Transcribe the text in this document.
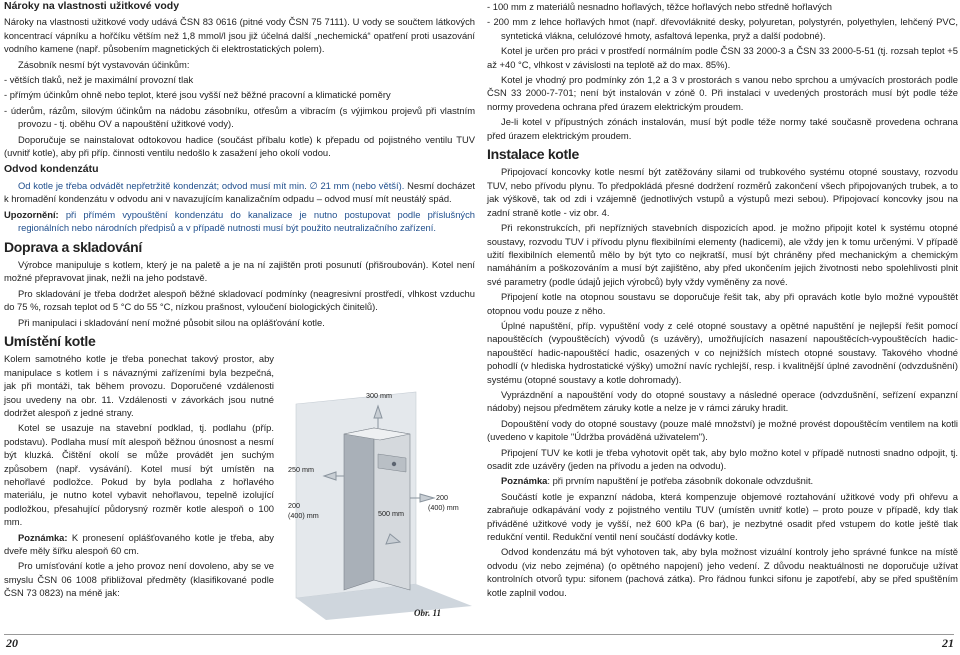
Nároky na vlastnosti užitkové vody

Nároky na vlastnosti užitkové vody udává ČSN 83 0616 (pitné vody ČSN 75 7111). U vody se součtem látkových koncentrací vápníku a hořčíku větším než 1,8 mmol/l jsou již účelná další „nechemická“ opatření proti usazování vodního kamene (např. působením magnetických či elektrostatických polem).

Zásobník nesmí být vystavován účinkům:

- větších tlaků, než je maximální provozní tlak

- přímým účinkům ohně nebo teplot, které jsou vyšší než běžné pracovní a klimatické poměry

- úderům, rázům, silovým účinkům na nádobu zásobníku, otřesům a vibracím (s výjimkou projevů při vlastním provozu - tj. oběhu OV a napouštění užitkové vody).

Doporučuje se nainstalovat odtokovou hadice (součást příbalu kotle) k přepadu od pojistného ventilu TUV (uvnitř kotle), aby při příp. činnosti ventilu nedošlo k zasažení jeho okolí vodou.

Odvod kondenzátu

Od kotle je třeba odvádět nepřetržitě kondenzát; odvod musí mít min. ∅ 21 mm (nebo větší). Nesmí docházet k hromadění kondenzátu v odvodu ani v navazujícím kanalizačním odpadu – odvod musí mít neustálý spád.

Upozornění: při přímém vypouštění kondenzátu do kanalizace je nutno postupovat podle příslušných regionálních nebo národních předpisů a v případě nutnosti musí být použito neutralizačního zařízení.

Doprava a skladování

Výrobce manipuluje s kotlem, který je na paletě a je na ní zajištěn proti posunutí (přišroubován). Kotel není možné přepravovat jinak, nežli na jeho podstavě.

Pro skladování je třeba dodržet alespoň běžné skladovací podmínky (neagresivní prostředí, vlhkost vzduchu do 75 %, rozsah teplot od 5 °C do 55 °C, nízkou prašnost, vyloučení biologických činitelů).

Při manipulaci i skladování není možné působit silou na oplášťování kotle.

Umístění kotle

Kolem samotného kotle je třeba ponechat takový prostor, aby manipulace s kotlem i s návaznými zařízeními byla bezpečná, jak při montáži, tak během provozu. Doporučené vzdálenosti jsou uvedeny na obr. 11. Vzdálenosti v závorkách jsou nutné dodržet alespoň z jedné strany.

Kotel se usazuje na stavební podklad, tj. podlahu (příp. podstavu). Podlaha musí mít alespoň běžnou únosnost a nesmí být kluzká. Čištění okolí se může provádět jen suchým způsobem (např. vysávání). Kotel musí být umístěn na nehořlavé podložce. Pokud by byla podlaha z hořlavého materiálu, je nutno kotel vybavit nehořlavou, tepelně izolující podložkou, přesahující půdorysný rozměr kotle alespoň o 100 mm.

Poznámka: K pronesení oplášťovaného kotle je třeba, aby dveře měly šířku alespoň 60 cm.

Pro umísťování kotle a jeho provoz není dovoleno, aby se ve smyslu ČSN 06 1008 přibližoval předměty (klasifikované podle ČSN 73 0823) na méně jak:

300 mm
250 mm
200
(400) mm
200
(400) mm
500 mm
Obr. 11

- 100 mm z materiálů nesnadno hořlavých, těžce hořlavých nebo středně hořlavých

- 200 mm z lehce hořlavých hmot (např. dřevovláknité desky, polyuretan, polystyrén, polyethylen, lehčený PVC, syntetická vlákna, celulózové hmoty, asfaltová lepenka, pryž a další podobné).

Kotel je určen pro práci v prostředí normálním podle ČSN 33 2000-3 a ČSN 33 2000-5-51 (tj. rozsah teplot +5 až +40 °C, vlhkost v závislosti na teplotě až do max. 85%).

Kotel je vhodný pro podmínky zón 1,2 a 3 v prostorách s vanou nebo sprchou a umývacích prostorách podle ČSN 33 2000-7-701; není být instalován v zóně 0. Při instalaci v uvedených prostorách musí být podle téže normy provedena ochrana před úrazem elektrickým proudem.

Je-li kotel v přípustných zónách instalován, musí být podle téže normy také současně provedena ochrana před úrazem elektrickým proudem.

Instalace kotle

Připojovací koncovky kotle nesmí být zatěžovány silami od trubkového systému otopné soustavy, rozvodu TUV, nebo přívodu plynu. To předpokládá přesné dodržení rozměrů zakončení všech připojovaných trubek, a to jak výškově, tak od zdi i vzájemně (jednotlivých vstupů a výstupů mezi sebou). Připojovací koncovky jsou na zadní straně kotle - viz obr. 4.

Při rekonstrukcích, při nepřízniých stavebních dispozicích apod. je možno připojit kotel k systému otopné soustavy, rozvodu TUV i přívodu plynu flexibilními elementy (hadicemi), ale vždy jen k tomu určenými. V případě užití flexibilních elementů mělo by být tyto co nejkratší, musí být chráněny před mechanickým a chemickým namáháním a poškozováním a musí být zajištěno, aby před ukončením jejich životnosti nebo spolehlivosti plnit své parametry (podle údajů jejich výrobců) byly vždy vyměněny za nové.

Připojení kotle na otopnou soustavu se doporučuje řešit tak, aby při opravách kotle bylo možné vypouštět otopnou vodu pouze z něho.

Úplné napuštění, příp. vypuštění vody z celé otopné soustavy a opětné napuštění je nejlepší řešit pomocí napouštěcích (vypouštěcích) vývodů (s uzávěry), umožňujících nasazení napouštěcích-vypouštěcích hadic-napouštěcí hadic-napouštěcí hadic, osazených v co nejnižších místech otopné soustavy. Takového vhodné pohodlí (v hlediska hydrostatické výšky) umožní navíc rychlejší, resp. i kvalitnější úplné zavodnění (odvzdušnění) systému (otopné soustavy a kotle dohromady).

Vyprázdnění a napouštění vody do otopné soustavy a následné operace (odvzdušnění, seřízení expanzní nádoby) nejsou předmětem záruky kotle a nelze je v rámci záruky hradit.

Dopouštění vody do otopné soustavy (pouze malé množství) je možné provést dopouštěcím ventilem na kotli (uvedeno v kapitole "Údržba prováděná uživatelem").

Připojení TUV ke kotli je třeba vyhotovit opět tak, aby bylo možno kotel v případě nutnosti snadno odpojit, tj. osadit zde uzávěry (jeden na přívodu a jeden na odvodu).

Poznámka: při prvním napuštění je potřeba zásobník dokonale odvzdušnit.

Součástí kotle je expanzní nádoba, která kompenzuje objemové roztahování užitkové vody při ohřevu a zabraňuje odkapávání vody z pojistného ventilu TUV (umístěn uvnitř kotle) – proto pouze v případě, kdy tlak přiváděné užitkové vody je vyšší, než 600 kPa (6 bar), je nezbytné osadit před vstupem do kotle ještě tlak redukční ventil. Redukční ventil není součástí dodávky kotle.

Odvod kondenzátu má být vyhotoven tak, aby byla možnost vizuální kontroly jeho správné funkce na místě odvodu (viz nebo zejména) (o opětného napojení) jeho vedení. Z důvodu neaktuálnosti ne doporučuje užívat kontrolních otvorů typu: sifonem (pachová zátka). Pro řádnou funkci sifonu je zapotřebí, aby se před spuštěním kotle zaplnil vodou.

20	21
